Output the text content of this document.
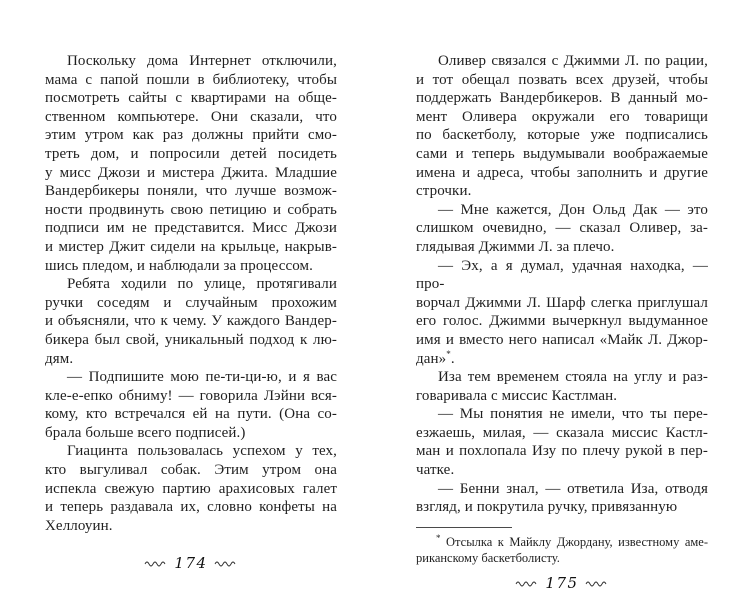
Поскольку дома Интернет отключили,
мама с папой пошли в библиотеку, чтобы
посмотреть сайты с квартирами на обще-
ственном компьютере. Они сказали, что
этим утром как раз должны прийти смо-
треть дом, и попросили детей посидеть
у мисс Джози и мистера Джита. Младшие
Вандербикеры поняли, что лучше возмож-
ности продвинуть свою петицию и собрать
подписи им не представится. Мисс Джози
и мистер Джит сидели на крыльце, накрыв-
шись пледом, и наблюдали за процессом.
Ребята ходили по улице, протягивали
ручки соседям и случайным прохожим
и объясняли, что к чему. У каждого Вандер-
бикера был свой, уникальный подход к лю-
дям.
— Подпишите мою пе-ти-ци-ю, и я вас
кле-е-епко обниму! — говорила Лэйни вся-
кому, кто встречался ей на пути. (Она со-
брала больше всего подписей.)
Гиацинта пользовалась успехом у тех,
кто выгуливал собак. Этим утром она
испекла свежую партию арахисовых галет
и теперь раздавала их, словно конфеты на
Хеллоуин.
174
Оливер связался с Джимми Л. по рации,
и тот обещал позвать всех друзей, чтобы
поддержать Вандербикеров. В данный мо-
мент Оливера окружали его товарищи
по баскетболу, которые уже подписались
сами и теперь выдумывали воображаемые
имена и адреса, чтобы заполнить и другие
строчки.
— Мне кажется, Дон Ольд Дак — это
слишком очевидно, — сказал Оливер, за-
глядывая Джимми Л. за плечо.
— Эх, а я думал, удачная находка, — про-
ворчал Джимми Л. Шарф слегка приглушал
его голос. Джимми вычеркнул выдуманное
имя и вместо него написал «Майк Л. Джор-
дан»*.
Иза тем временем стояла на углу и раз-
говаривала с миссис Кастлман.
— Мы понятия не имели, что ты пере-
езжаешь, милая, — сказала миссис Кастл-
ман и похлопала Изу по плечу рукой в пер-
чатке.
— Бенни знал, — ответила Иза, отводя
взгляд, и покрутила ручку, привязанную
* Отсылка к Майклу Джордану, известному аме-
риканскому баскетболисту.
175
